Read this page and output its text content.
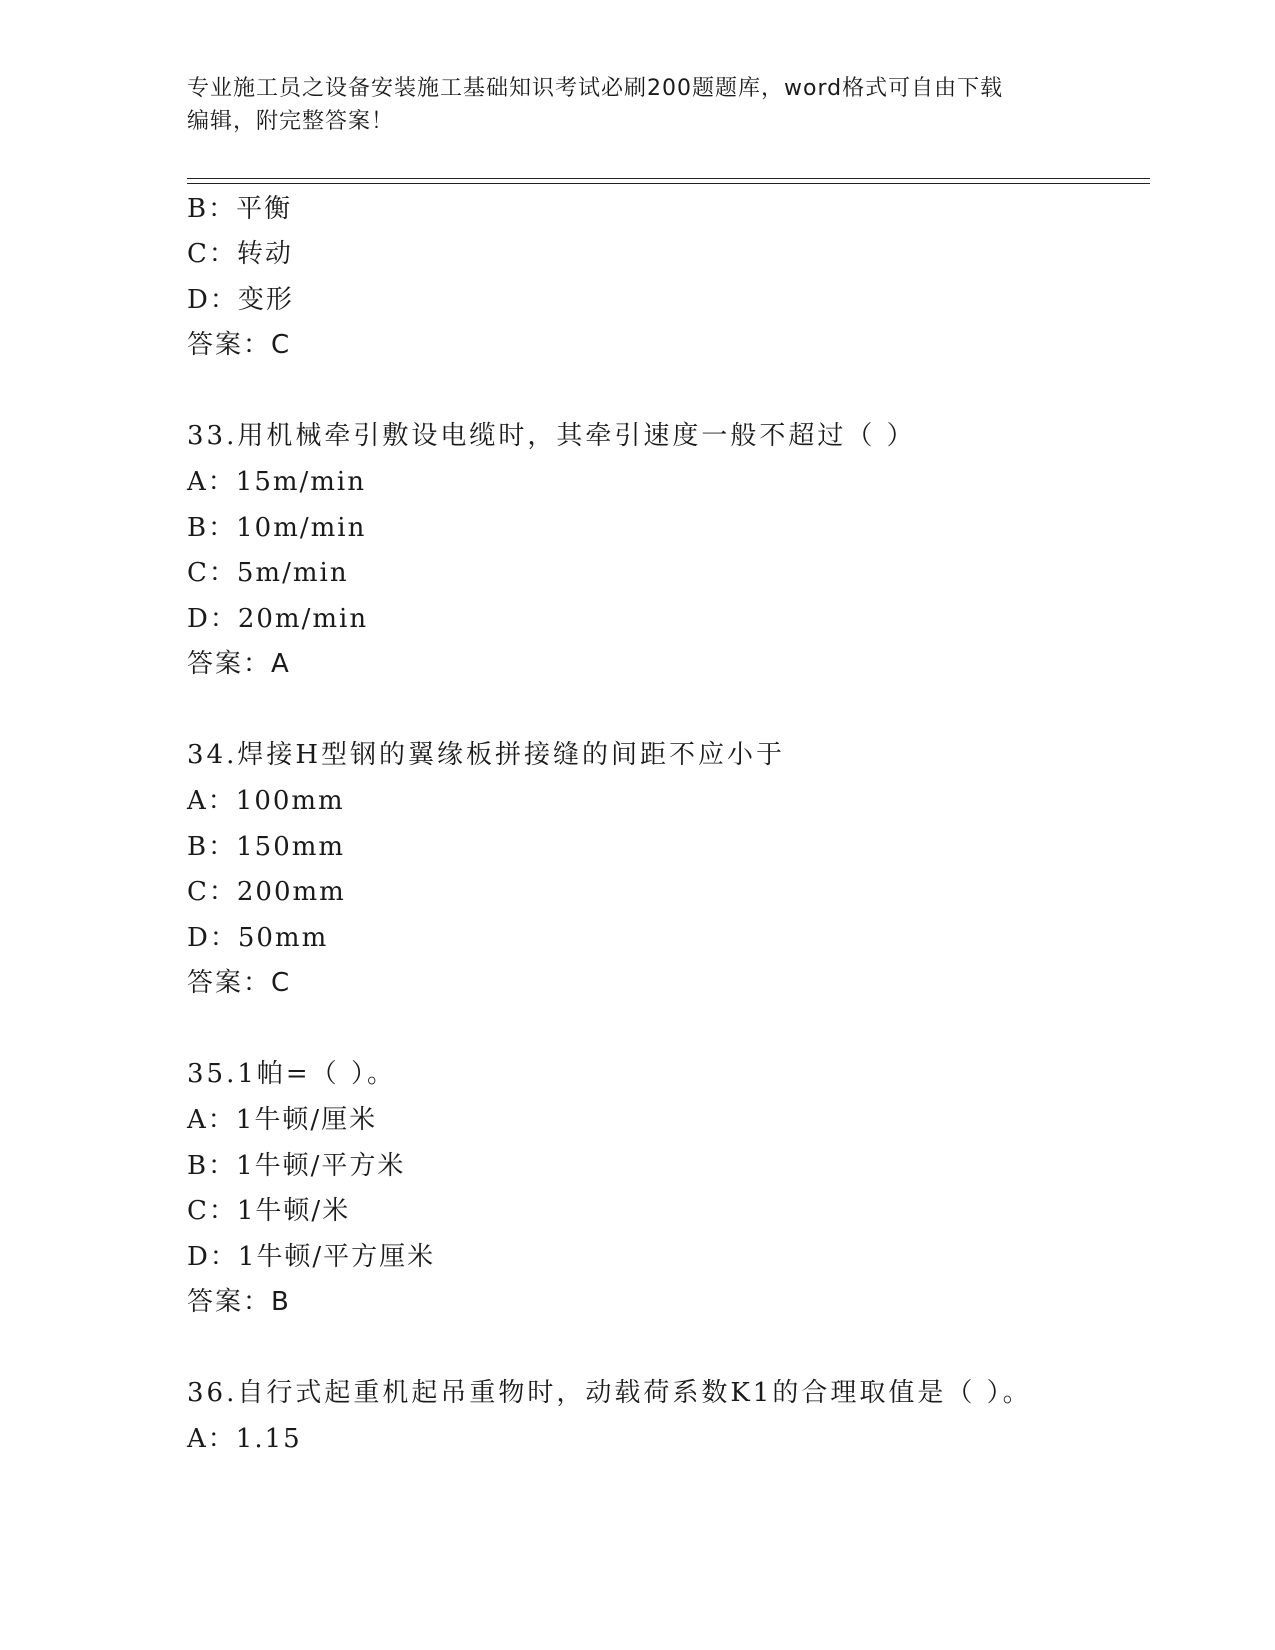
专业施工员之设备安装施工基础知识考试必刷200题题库，word格式可自由下载
编辑，附完整答案！
B：平衡
C：转动
D：变形
答案：C
33.用机械牵引敷设电缆时，其牵引速度一般不超过（ ）
A：15m/min
B：10m/min
C：5m/min
D：20m/min
答案：A
34.焊接H型钢的翼缘板拼接缝的间距不应小于
A：100mm
B：150mm
C：200mm
D：50mm
答案：C
35.1帕=（ ）。
A：1牛顿/厘米
B：1牛顿/平方米
C：1牛顿/米
D：1牛顿/平方厘米
答案：B
36.自行式起重机起吊重物时，动载荷系数K1的合理取值是（ ）。
A：1.15
